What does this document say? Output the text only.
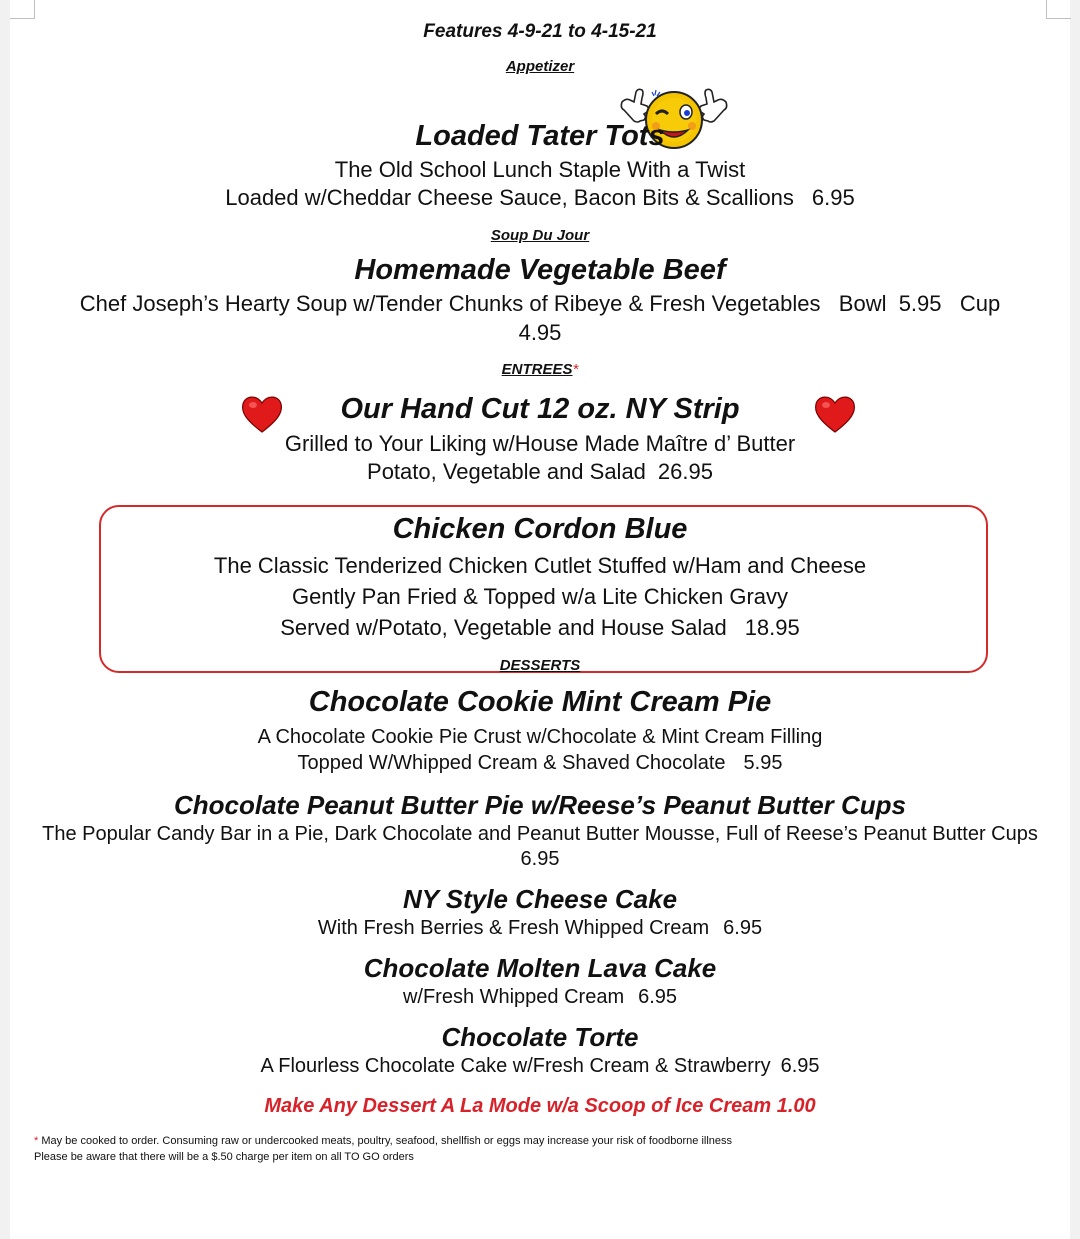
Features 4-9-21 to 4-15-21
Appetizer
Loaded Tater Tots
The Old School Lunch Staple With a Twist
Loaded w/Cheddar Cheese Sauce, Bacon Bits & Scallions 6.95
Soup Du Jour
Homemade Vegetable Beef
Chef Joseph’s Hearty Soup w/Tender Chunks of Ribeye & Fresh Vegetables   Bowl  5.95   Cup
4.95
ENTREES*
Our Hand Cut 12 oz. NY Strip
Grilled to Your Liking w/House Made Maître d’ Butter
Potato, Vegetable and Salad 26.95
Chicken Cordon Blue
The Classic Tenderized Chicken Cutlet Stuffed w/Ham and Cheese
Gently Pan Fried & Topped w/a Lite Chicken Gravy
Served w/Potato, Vegetable and House Salad 18.95
DESSERTS
Chocolate Cookie Mint Cream Pie
A Chocolate Cookie Pie Crust w/Chocolate & Mint Cream Filling
Topped W/Whipped Cream & Shaved Chocolate 5.95
Chocolate Peanut Butter Pie w/Reese’s Peanut Butter Cups
The Popular Candy Bar in a Pie, Dark Chocolate and Peanut Butter Mousse, Full of Reese’s Peanut Butter Cups
6.95
NY Style Cheese Cake
With Fresh Berries & Fresh Whipped Cream 6.95
Chocolate Molten Lava Cake
w/Fresh Whipped Cream 6.95
Chocolate Torte
A Flourless Chocolate Cake w/Fresh Cream & Strawberry 6.95
Make Any Dessert A La Mode w/a Scoop of Ice Cream 1.00
* May be cooked to order. Consuming raw or undercooked meats, poultry, seafood, shellfish or eggs may increase your risk of foodborne illness
Please be aware that there will be a $.50 charge per item on all TO GO orders
